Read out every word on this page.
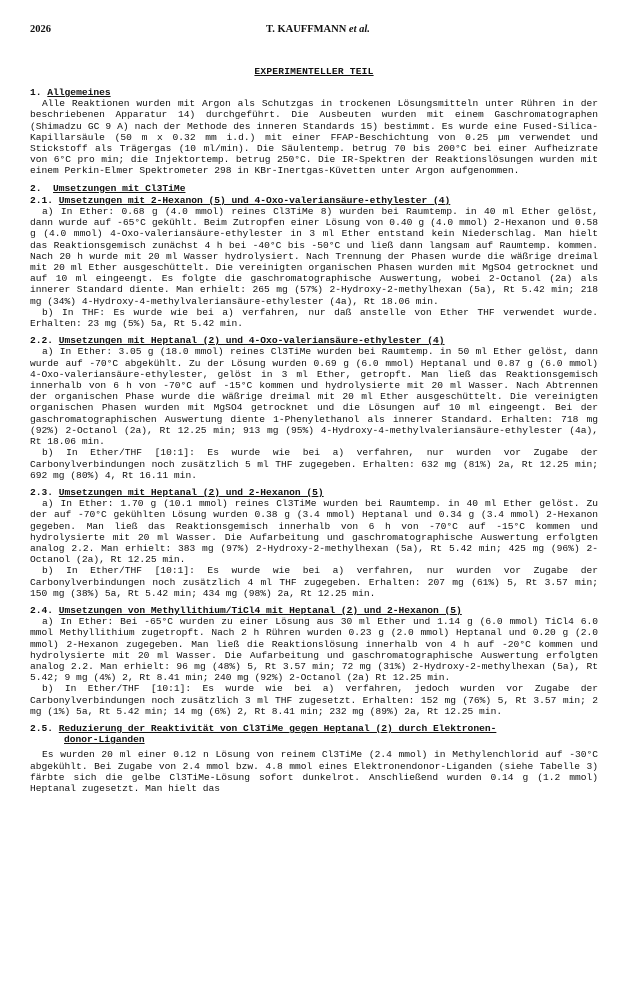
2026	T. KAUFFMANN et al.
EXPERIMENTELLER TEIL
1. Allgemeines

Alle Reaktionen wurden mit Argon als Schutzgas in trockenen Lösungsmitteln unter Rühren in der beschriebenen Apparatur 14) durchgeführt. Die Ausbeuten wurden mit einem Gaschromatographen (Shimadzu GC 9 A) nach der Methode des inneren Standards 15) bestimmt. Es wurde eine Fused-Silica-Kapillarsäule (50 m x 0.32 mm i.d.) mit einer FFAP-Beschichtung von 0.25 µm verwendet und Stickstoff als Trägergas (10 ml/min). Die Säulentemp. betrug 70 bis 200°C bei einer Aufheizrate von 6°C pro min; die Injektortemp. betrug 250°C. Die IR-Spektren der Reaktionslösungen wurden mit einem Perkin-Elmer Spektrometer 298 in KBr-Inertgas-Küvetten unter Argon aufgenommen.

2. Umsetzungen mit Cl3TiMe
2.1. Umsetzungen mit 2-Hexanon (5) und 4-Oxo-valeriansäure-ethylester (4)

a) In Ether: 0.68 g (4.0 mmol) reines Cl3TiMe 8) wurden bei Raumtemp. in 40 ml Ether gelöst, dann wurde auf -65°C gekühlt. Beim Zutropfen einer Lösung von 0.40 g (4.0 mmol) 2-Hexanon und 0.58 g (4.0 mmol) 4-Oxo-valeriansäure-ethylester in 3 ml Ether entstand kein Niederschlag. Man hielt das Reaktionsgemisch zunächst 4 h bei -40°C bis -50°C und ließ dann langsam auf Raumtemp. kommen. Nach 20 h wurde mit 20 ml Wasser hydrolysiert. Nach Trennung der Phasen wurde die wäßrige dreimal mit 20 ml Ether ausgeschüttelt. Die vereinigten organischen Phasen wurden mit MgSO4 getrocknet und auf 10 ml eingeengt. Es folgte die gaschromatographische Auswertung, wobei 2-Octanol (2a) als innerer Standard diente. Man erhielt: 265 mg (57%) 2-Hydroxy-2-methylhexan (5a), Rt 5.42 min; 218 mg (34%) 4-Hydroxy-4-methylvaleriansäure-ethylester (4a), Rt 18.06 min.

b) In THF: Es wurde wie bei a) verfahren, nur daß anstelle von Ether THF verwendet wurde. Erhalten: 23 mg (5%) 5a, Rt 5.42 min.

2.2. Umsetzungen mit Heptanal (2) und 4-Oxo-valeriansäure-ethylester (4)

a) In Ether: 3.05 g (18.0 mmol) reines Cl3TiMe wurden bei Raumtemp. in 50 ml Ether gelöst, dann wurde auf -70°C abgekühlt. Zu der Lösung wurden 0.69 g (6.0 mmol) Heptanal und 0.87 g (6.0 mmol) 4-Oxo-valeriansäure-ethylester, gelöst in 3 ml Ether, getropft. Man ließ das Reaktionsgemisch innerhalb von 6 h von -70°C auf -15°C kommen und hydrolysierte mit 20 ml Wasser. Nach Abtrennen der organischen Phase wurde die wäßrige dreimal mit 20 ml Ether ausgeschüttelt. Die vereinigten organischen Phasen wurden mit MgSO4 getrocknet und die Lösungen auf 10 ml eingeengt. Bei der gaschromatographischen Auswertung diente 1-Phenylethanol als innerer Standard. Erhalten: 718 mg (92%) 2-Octanol (2a), Rt 12.25 min; 913 mg (95%) 4-Hydroxy-4-methylvaleriansäure-ethylester (4a), Rt 18.06 min.

b) In Ether/THF [10:1]: Es wurde wie bei a) verfahren, nur wurden vor Zugabe der Carbonylverbindungen noch zusätzlich 5 ml THF zugegeben. Erhalten: 632 mg (81%) 2a, Rt 12.25 min; 692 mg (80%) 4, Rt 16.11 min.

2.3. Umsetzungen mit Heptanal (2) und 2-Hexanon (5)

a) In Ether: 1.70 g (10.1 mmol) reines Cl3TiMe wurden bei Raumtemp. in 40 ml Ether gelöst. Zu der auf -70°C gekühlten Lösung wurden 0.38 g (3.4 mmol) Heptanal und 0.34 g (3.4 mmol) 2-Hexanon gegeben. Man ließ das Reaktionsgemisch innerhalb von 6 h von -70°C auf -15°C kommen und hydrolysierte mit 20 ml Wasser. Die Aufarbeitung und gaschromatographische Auswertung erfolgten analog 2.2. Man erhielt: 383 mg (97%) 2-Hydroxy-2-methylhexan (5a), Rt 5.42 min; 425 mg (96%) 2-Octanol (2a), Rt 12.25 min.

b) In Ether/THF [10:1]: Es wurde wie bei a) verfahren, nur wurden vor Zugabe der Carbonylverbindungen noch zusätzlich 4 ml THF zugegeben. Erhalten: 207 mg (61%) 5, Rt 3.57 min; 150 mg (38%) 5a, Rt 5.42 min; 434 mg (98%) 2a, Rt 12.25 min.

2.4. Umsetzungen von Methyllithium/TiCl4 mit Heptanal (2) und 2-Hexanon (5)

a) In Ether: Bei -65°C wurden zu einer Lösung aus 30 ml Ether und 1.14 g (6.0 mmol) TiCl4 6.0 mmol Methyllithium zugetropft. Nach 2 h Rühren wurden 0.23 g (2.0 mmol) Heptanal und 0.20 g (2.0 mmol) 2-Hexanon zugegeben. Man ließ die Reaktionslösung innerhalb von 4 h auf -20°C kommen und hydrolysierte mit 20 ml Wasser. Die Aufarbeitung und gaschromatographische Auswertung erfolgten analog 2.2. Man erhielt: 96 mg (48%) 5, Rt 3.57 min; 72 mg (31%) 2-Hydroxy-2-methylhexan (5a), Rt 5.42; 9 mg (4%) 2, Rt 8.41 min; 240 mg (92%) 2-Octanol (2a) Rt 12.25 min.

b) In Ether/THF [10:1]: Es wurde wie bei a) verfahren, jedoch wurden vor Zugabe der Carbonylverbindungen noch zusätzlich 3 ml THF zugesetzt. Erhalten: 152 mg (76%) 5, Rt 3.57 min; 2 mg (1%) 5a, Rt 5.42 min; 14 mg (6%) 2, Rt 8.41 min; 232 mg (89%) 2a, Rt 12.25 min.

2.5. Reduzierung der Reaktivität von Cl3TiMe gegen Heptanal (2) durch Elektronen-
donor-Liganden

Es wurden 20 ml einer 0.12 n Lösung von reinem Cl3TiMe (2.4 mmol) in Methylenchlorid auf -30°C abgekühlt. Bei Zugabe von 2.4 mmol bzw. 4.8 mmol eines Elektronendonor-Liganden (siehe Tabelle 3) färbte sich die gelbe Cl3TiMe-Lösung sofort dunkelrot. Anschließend wurden 0.14 g (1.2 mmol) Heptanal zugesetzt. Man hielt das
